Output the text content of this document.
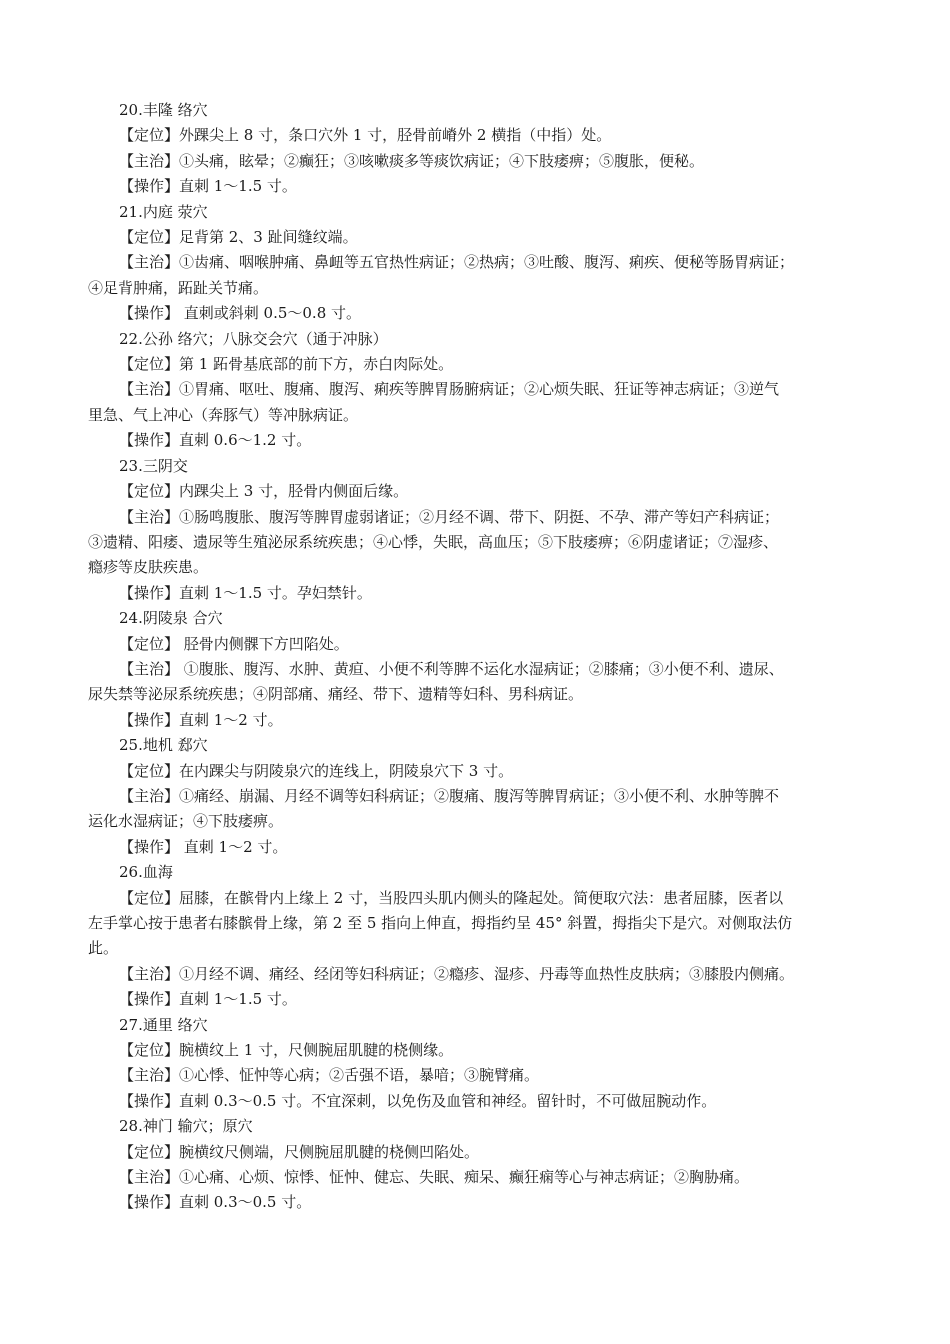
20.丰隆 络穴
【定位】外踝尖上 8 寸，条口穴外 1 寸，胫骨前嵴外 2 横指（中指）处。
【主治】①头痛，眩晕；②癫狂；③咳嗽痰多等痰饮病证；④下肢痿痹；⑤腹胀，便秘。
【操作】直刺 1～1.5 寸。
21.内庭 荥穴
【定位】足背第 2、3 趾间缝纹端。
【主治】①齿痛、咽喉肿痛、鼻衄等五官热性病证；②热病；③吐酸、腹泻、痢疾、便秘等肠胃病证；
④足背肿痛，跖趾关节痛。
【操作】 直刺或斜刺 0.5～0.8 寸。
22.公孙 络穴；八脉交会穴（通于冲脉）
【定位】第 1 跖骨基底部的前下方，赤白肉际处。
【主治】①胃痛、呕吐、腹痛、腹泻、痢疾等脾胃肠腑病证；②心烦失眠、狂证等神志病证；③逆气
里急、气上冲心（奔豚气）等冲脉病证。
【操作】直刺 0.6～1.2 寸。
23.三阴交
【定位】内踝尖上 3 寸，胫骨内侧面后缘。
【主治】①肠鸣腹胀、腹泻等脾胃虚弱诸证；②月经不调、带下、阴挺、不孕、滞产等妇产科病证；
③遗精、阳痿、遗尿等生殖泌尿系统疾患；④心悸，失眠，高血压；⑤下肢痿痹；⑥阴虚诸证；⑦湿疹、
瘾疹等皮肤疾患。
【操作】直刺 1～1.5 寸。孕妇禁针。
24.阴陵泉 合穴
【定位】 胫骨内侧髁下方凹陷处。
【主治】 ①腹胀、腹泻、水肿、黄疸、小便不利等脾不运化水湿病证；②膝痛；③小便不利、遗尿、
尿失禁等泌尿系统疾患；④阴部痛、痛经、带下、遗精等妇科、男科病证。
【操作】直刺 1～2 寸。
25.地机 郄穴
【定位】在内踝尖与阴陵泉穴的连线上，阴陵泉穴下 3 寸。
【主治】①痛经、崩漏、月经不调等妇科病证；②腹痛、腹泻等脾胃病证；③小便不利、水肿等脾不
运化水湿病证；④下肢痿痹。
【操作】 直刺 1～2 寸。
26.血海
【定位】屈膝，在髌骨内上缘上 2 寸，当股四头肌内侧头的隆起处。简便取穴法：患者屈膝，医者以
左手掌心按于患者右膝髌骨上缘，第 2 至 5 指向上伸直，拇指约呈 45° 斜置，拇指尖下是穴。对侧取法仿
此。
【主治】①月经不调、痛经、经闭等妇科病证；②瘾疹、湿疹、丹毒等血热性皮肤病；③膝股内侧痛。
【操作】直刺 1～1.5 寸。
27.通里 络穴
【定位】腕横纹上 1 寸，尺侧腕屈肌腱的桡侧缘。
【主治】①心悸、怔忡等心病；②舌强不语，暴喑；③腕臂痛。
【操作】直刺 0.3～0.5 寸。不宜深刺，以免伤及血管和神经。留针时，不可做屈腕动作。
28.神门 输穴；原穴
【定位】腕横纹尺侧端，尺侧腕屈肌腱的桡侧凹陷处。
【主治】①心痛、心烦、惊悸、怔忡、健忘、失眠、痴呆、癫狂痫等心与神志病证；②胸胁痛。
【操作】直刺 0.3～0.5 寸。
